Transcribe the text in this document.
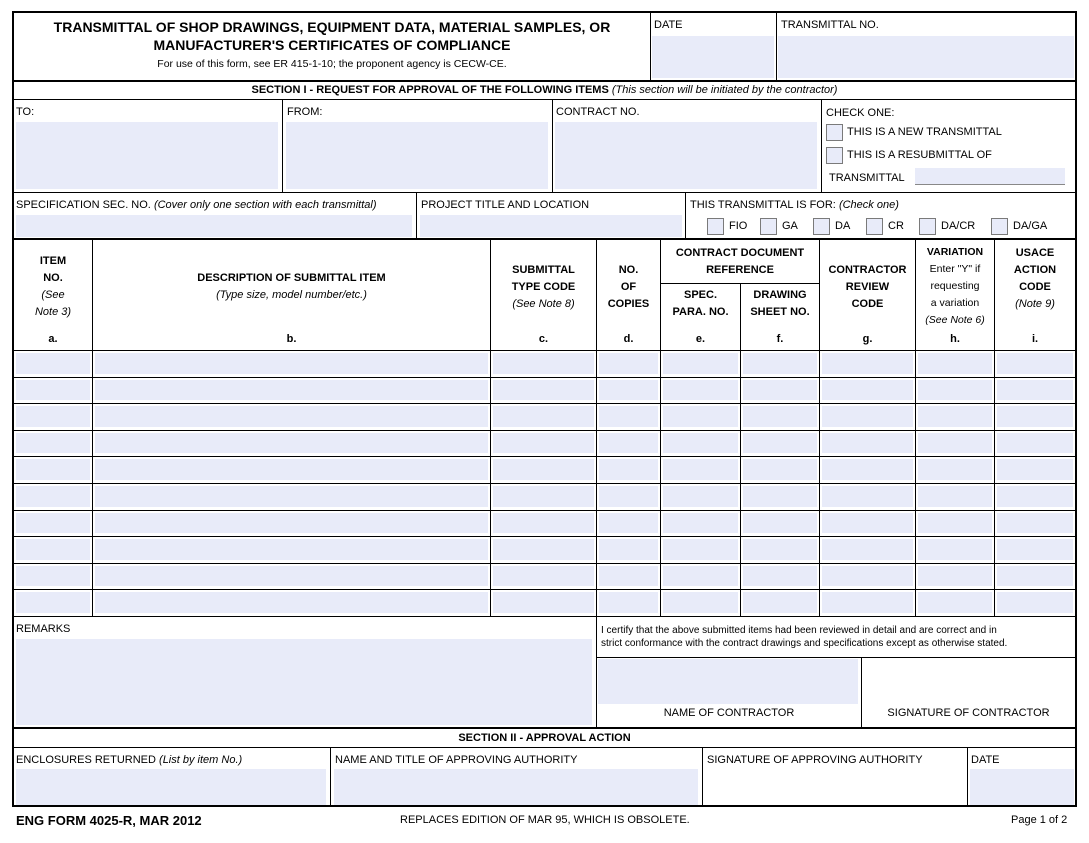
TRANSMITTAL OF SHOP DRAWINGS, EQUIPMENT DATA, MATERIAL SAMPLES, OR
MANUFACTURER'S CERTIFICATES OF COMPLIANCE
For use of this form, see ER 415-1-10; the proponent agency is CECW-CE.
DATE	TRANSMITTAL NO.
SECTION I - REQUEST FOR APPROVAL OF THE FOLLOWING ITEMS (This section will be initiated by the contractor)
TO:	FROM:	CONTRACT NO.	CHECK ONE:
THIS IS A NEW TRANSMITTAL
THIS IS A RESUBMITTAL OF
TRANSMITTAL
SPECIFICATION SEC. NO. (Cover only one section with each transmittal)	PROJECT TITLE AND LOCATION	THIS TRANSMITTAL IS FOR: (Check one)
FIO	GA	DA	CR	DA/CR	DA/GA
ITEM
NO.
(See
Note 3)
DESCRIPTION OF SUBMITTAL ITEM
(Type size, model number/etc.)
SUBMITTAL
TYPE CODE
(See Note 8)
NO.
OF
COPIES
CONTRACT DOCUMENT
REFERENCE
SPEC.
PARA. NO.
DRAWING
SHEET NO.
CONTRACTOR
REVIEW
CODE
VARIATION
Enter "Y" if
requesting
a variation
(See Note 6)
USACE
ACTION
CODE
(Note 9)
a.	b.	c.	d.	e.	f.	g.	h.	i.
REMARKS	I certify that the above submitted items had been reviewed in detail and are correct and in
strict conformance with the contract drawings and specifications except as otherwise stated.
NAME OF CONTRACTOR	SIGNATURE OF CONTRACTOR
SECTION II - APPROVAL ACTION
ENCLOSURES RETURNED (List by item No.)	NAME AND TITLE OF APPROVING AUTHORITY	SIGNATURE OF APPROVING AUTHORITY	DATE
ENG FORM 4025-R, MAR 2012	REPLACES EDITION OF MAR 95, WHICH IS OBSOLETE.	Page 1 of 2
